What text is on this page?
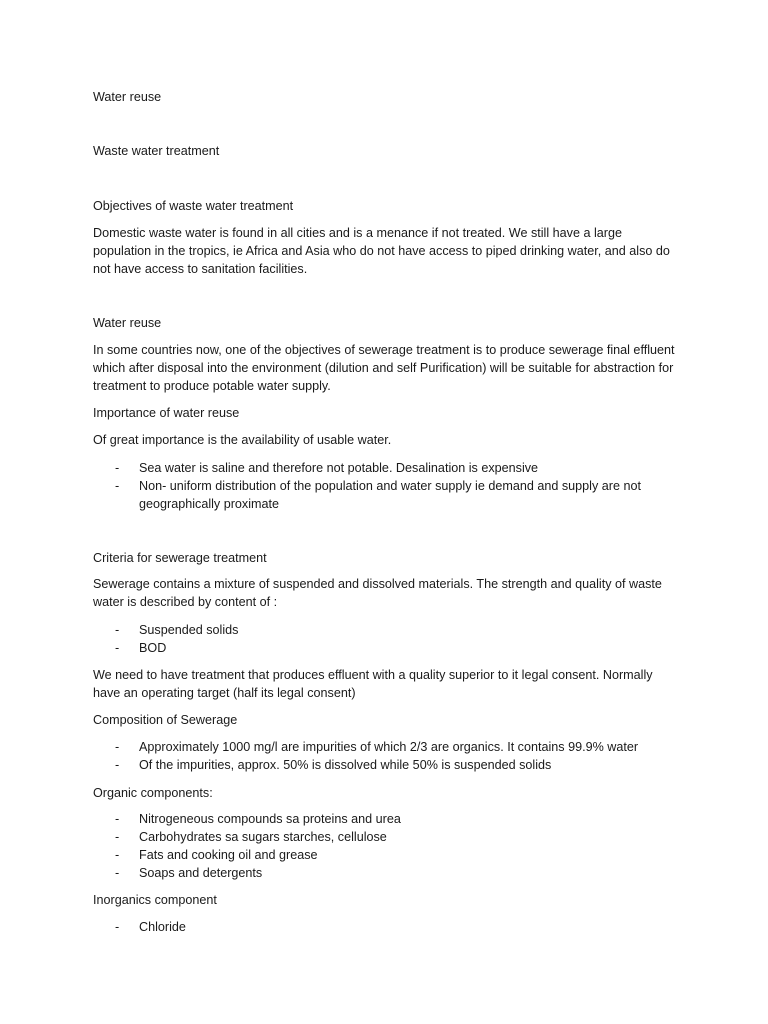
Water reuse

Waste water treatment

Objectives of waste water treatment

Domestic waste water is found in all cities and is a menance if not treated. We still have a large population in the tropics, ie Africa and Asia who do not have access to piped drinking water, and also do not have access to sanitation facilities.

Water reuse

In some countries now, one of the objectives of sewerage treatment is to produce sewerage final effluent which after disposal into the environment (dilution and self Purification) will be suitable for abstraction for treatment to produce potable water supply.

Importance of water reuse

Of great importance is the availability of usable water.

- Sea water is saline and therefore not potable. Desalination is expensive
- Non- uniform distribution of the population and water supply ie demand and supply are not geographically proximate

Criteria for sewerage treatment

Sewerage contains a mixture of suspended and dissolved materials. The strength and quality of waste water is described by content of :

- Suspended solids
- BOD

We need to have treatment that produces effluent with a quality superior to it legal consent. Normally have an operating target (half its legal consent)

Composition of Sewerage

- Approximately 1000 mg/l are impurities of which 2/3 are organics. It contains 99.9% water
- Of the impurities, approx. 50% is dissolved while 50% is suspended solids

Organic components:

- Nitrogeneous compounds sa proteins and urea
- Carbohydrates sa sugars starches, cellulose
- Fats and cooking oil and grease
- Soaps and detergents

Inorganics component

- Chloride
